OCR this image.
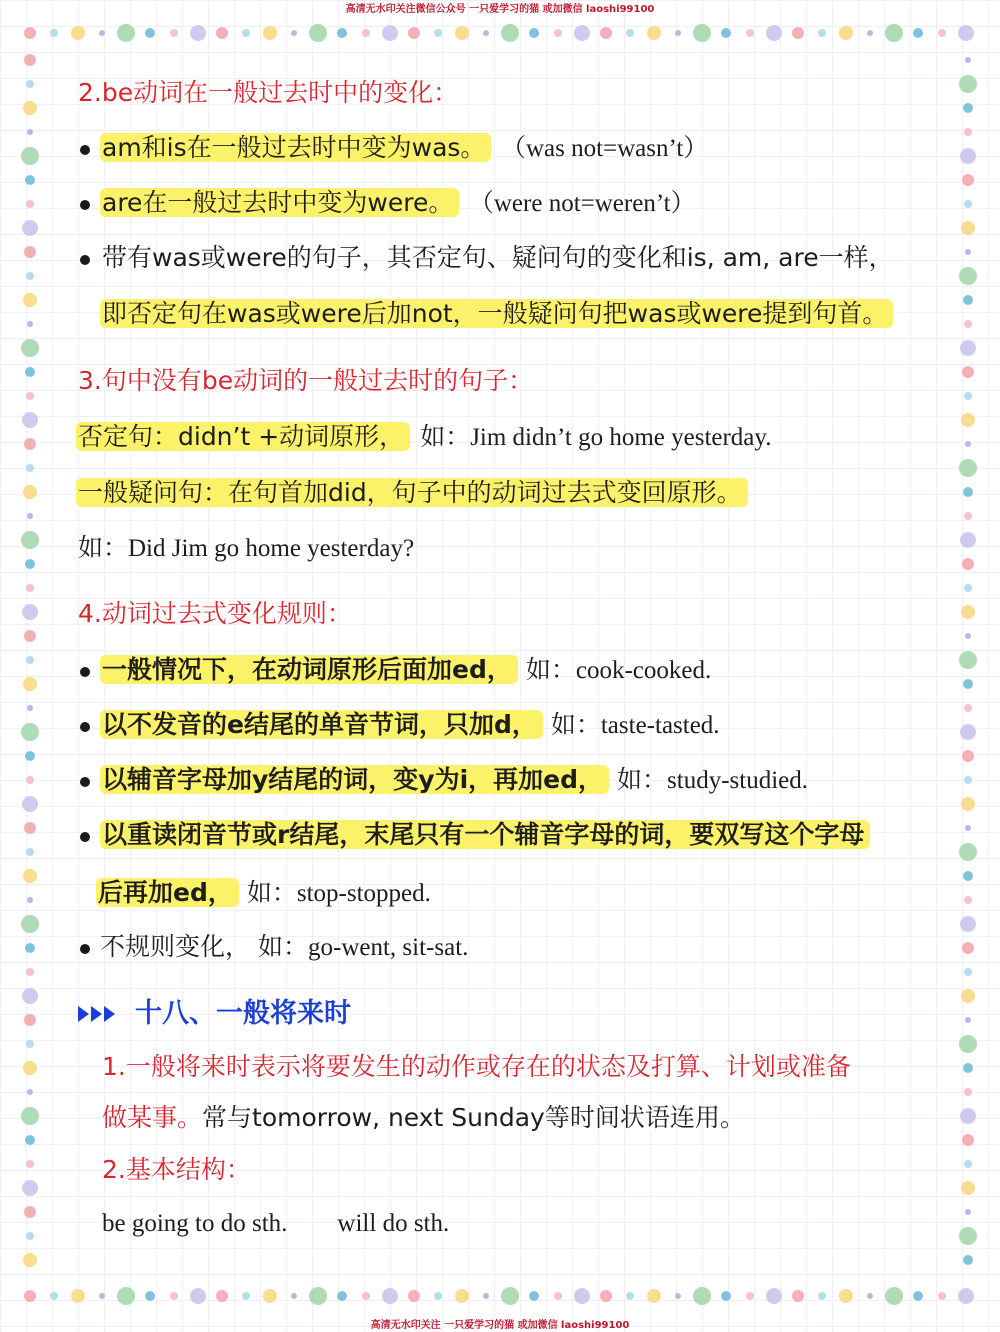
高清无水印关注微信公众号 一只爱学习的猫 或加微信 laoshi99100
高清无水印关注 一只爱学习的猫 或加微信 laoshi99100
2.be动词在一般过去时中的变化：
am和is在一般过去时中变为was。 （was not=wasn’t）
are在一般过去时中变为were。 （were not=weren’t）
带有was或were的句子，其否定句、疑问句的变化和is, am, are一样，
即否定句在was或were后加not，一般疑问句把was或were提到句首。
3.句中没有be动词的一般过去时的句子：
否定句：didn’t +动词原形， 如：Jim didn’t go home yesterday.
一般疑问句：在句首加did，句子中的动词过去式变回原形。
如：Did Jim go home yesterday?
4.动词过去式变化规则：
一般情况下，在动词原形后面加ed， 如：cook-cooked.
以不发音的e结尾的单音节词，只加d， 如：taste-tasted.
以辅音字母加y结尾的词，变y为i，再加ed， 如：study-studied.
以重读闭音节或r结尾，末尾只有一个辅音字母的词，要双写这个字母
后再加ed， 如：stop-stopped.
不规则变化， 如：go-went, sit-sat.
十八、一般将来时
1.一般将来时表示将要发生的动作或存在的状态及打算、计划或准备
做某事。常与tomorrow, next Sunday等时间状语连用。
2.基本结构：
be going to do sth. will do sth.
